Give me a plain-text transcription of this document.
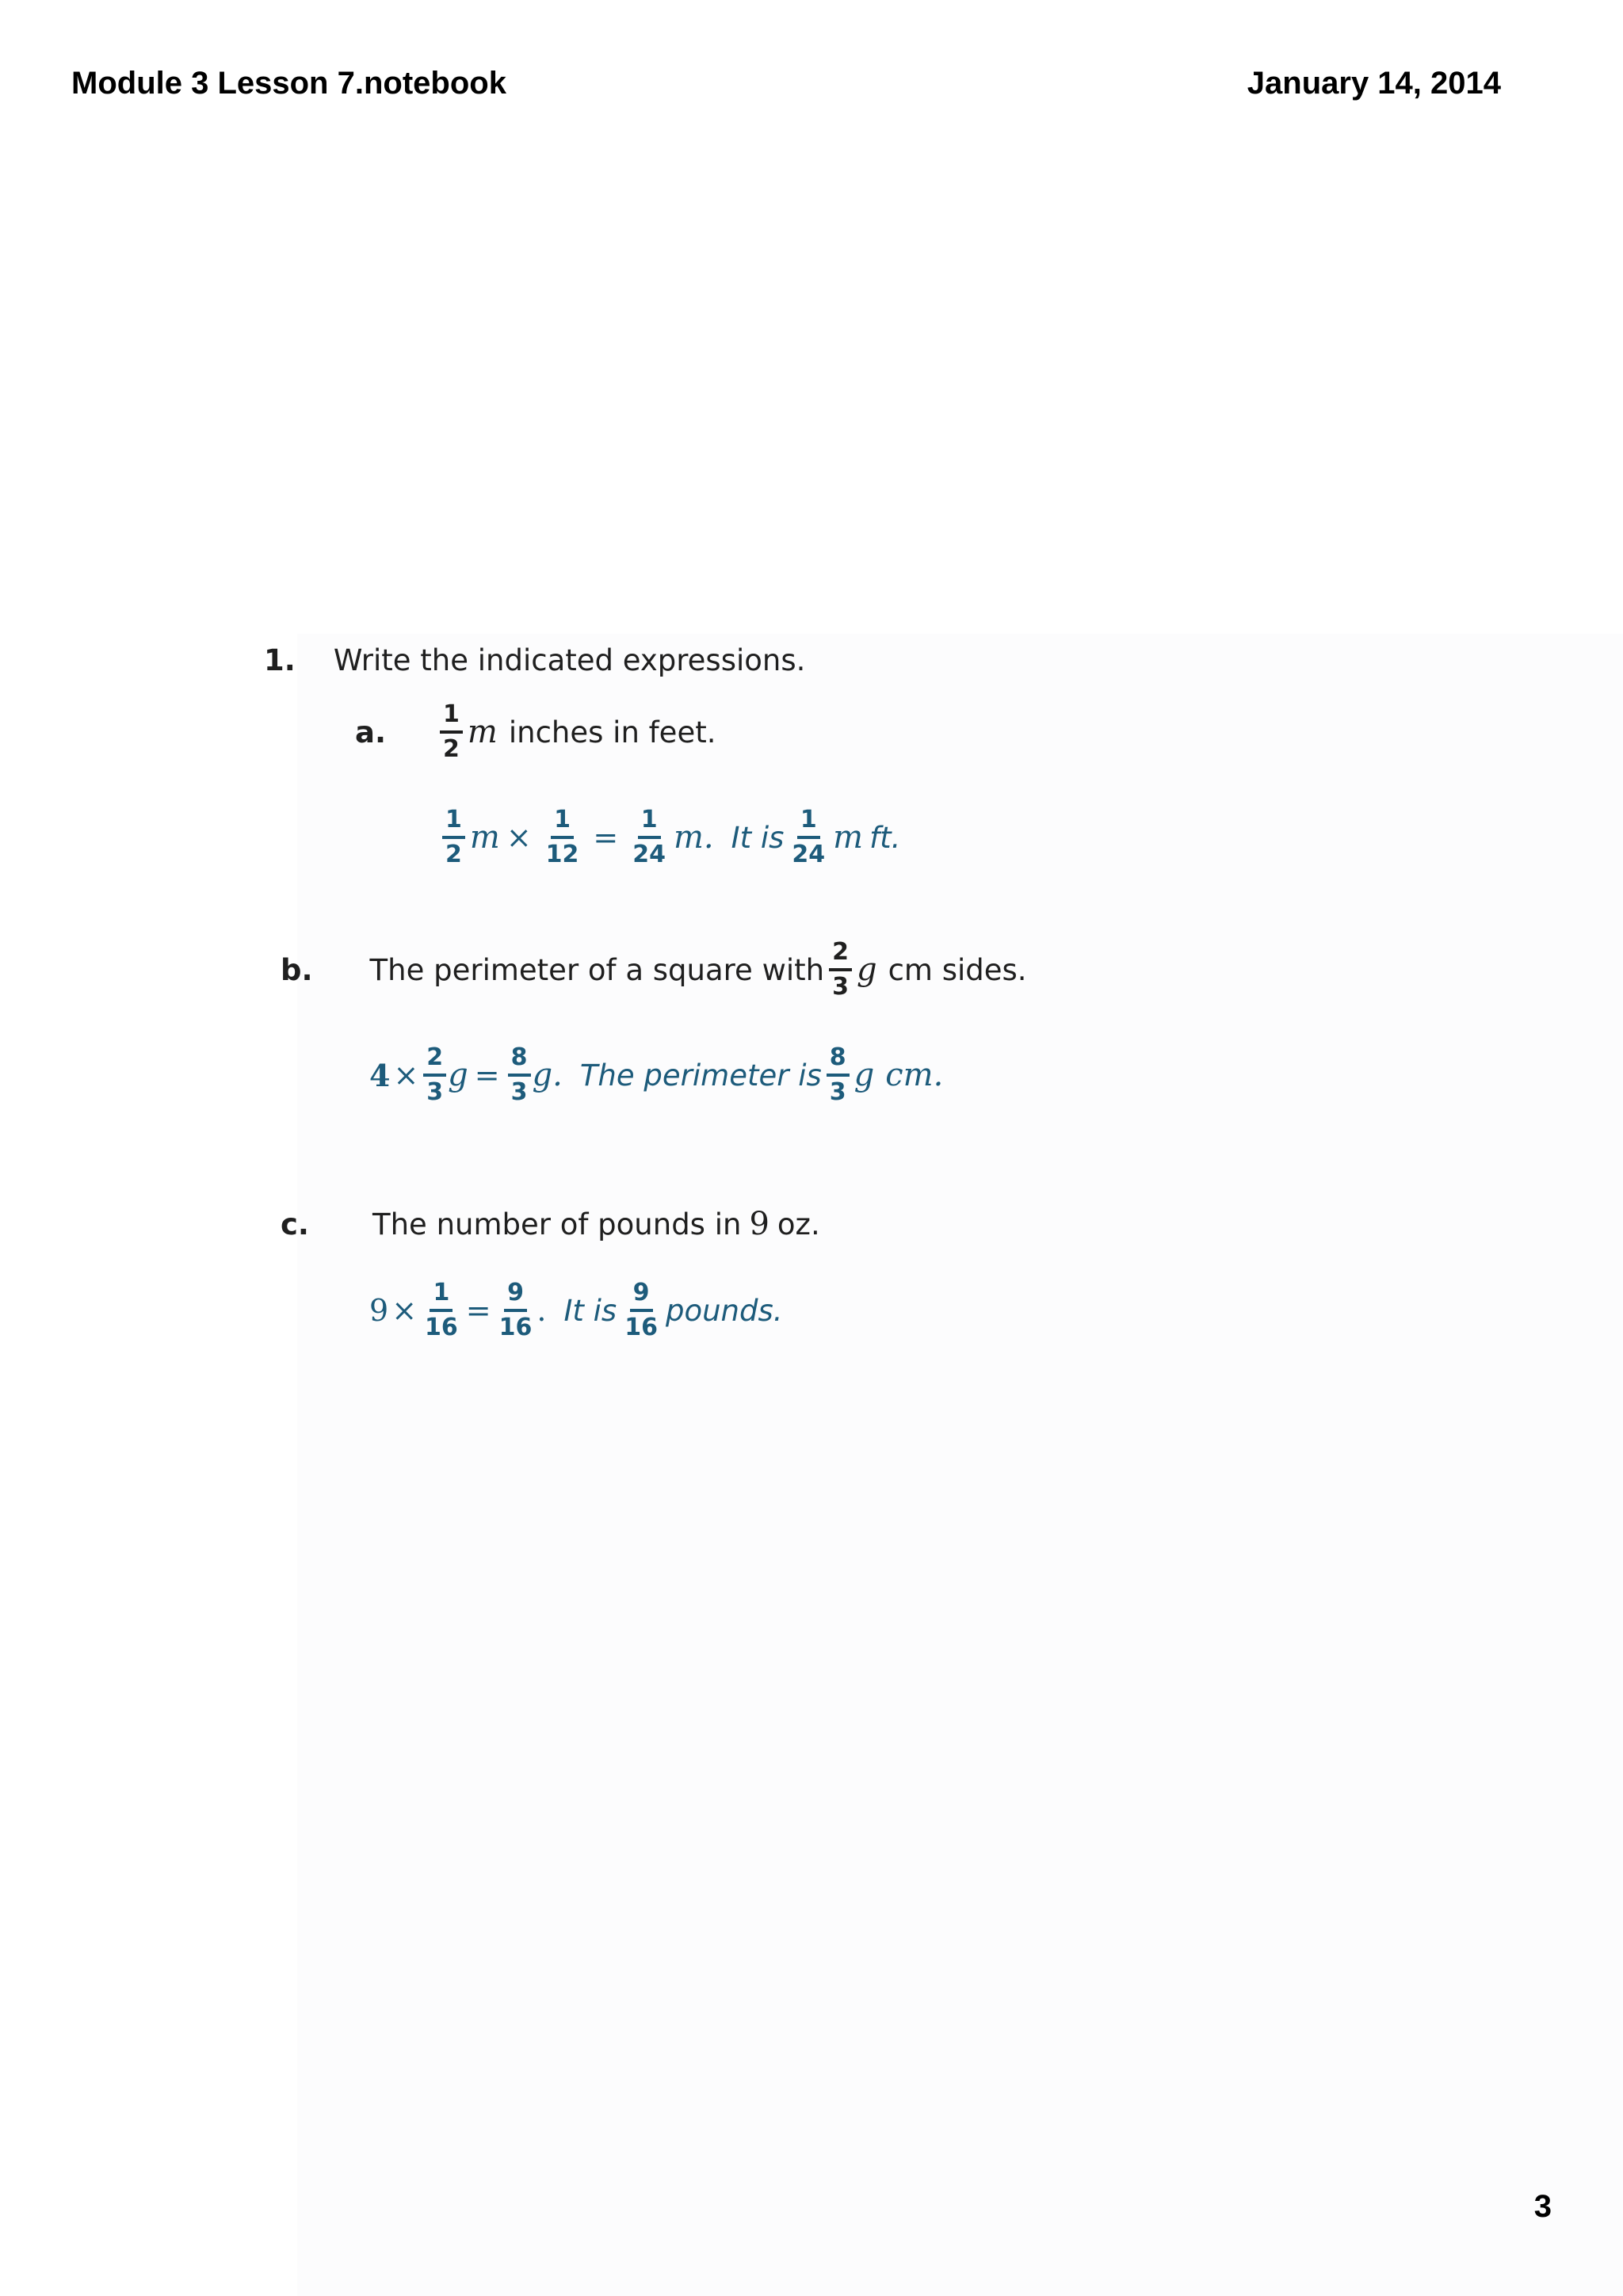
Module 3 Lesson 7.notebook	January 14, 2014
1. Write the indicated expressions.
a. $\frac{1}{2}$ m inches in feet.
$\frac{1}{2}$ $m \times \frac{1}{12} = \frac{1}{24} m$. It is $\frac{1}{24}$ m ft.
b. The perimeter of a square with $\frac{2}{3}$ g cm sides.
$4 \times \frac{2}{3}$ $g = \frac{8}{3} g$. The perimeter is $\frac{8}{3}$ g cm.
c. The number of pounds in 9 oz.
$9 \times \frac{1}{16} = \frac{9}{16}$ . It is $\frac{9}{16}$ pounds.
3
